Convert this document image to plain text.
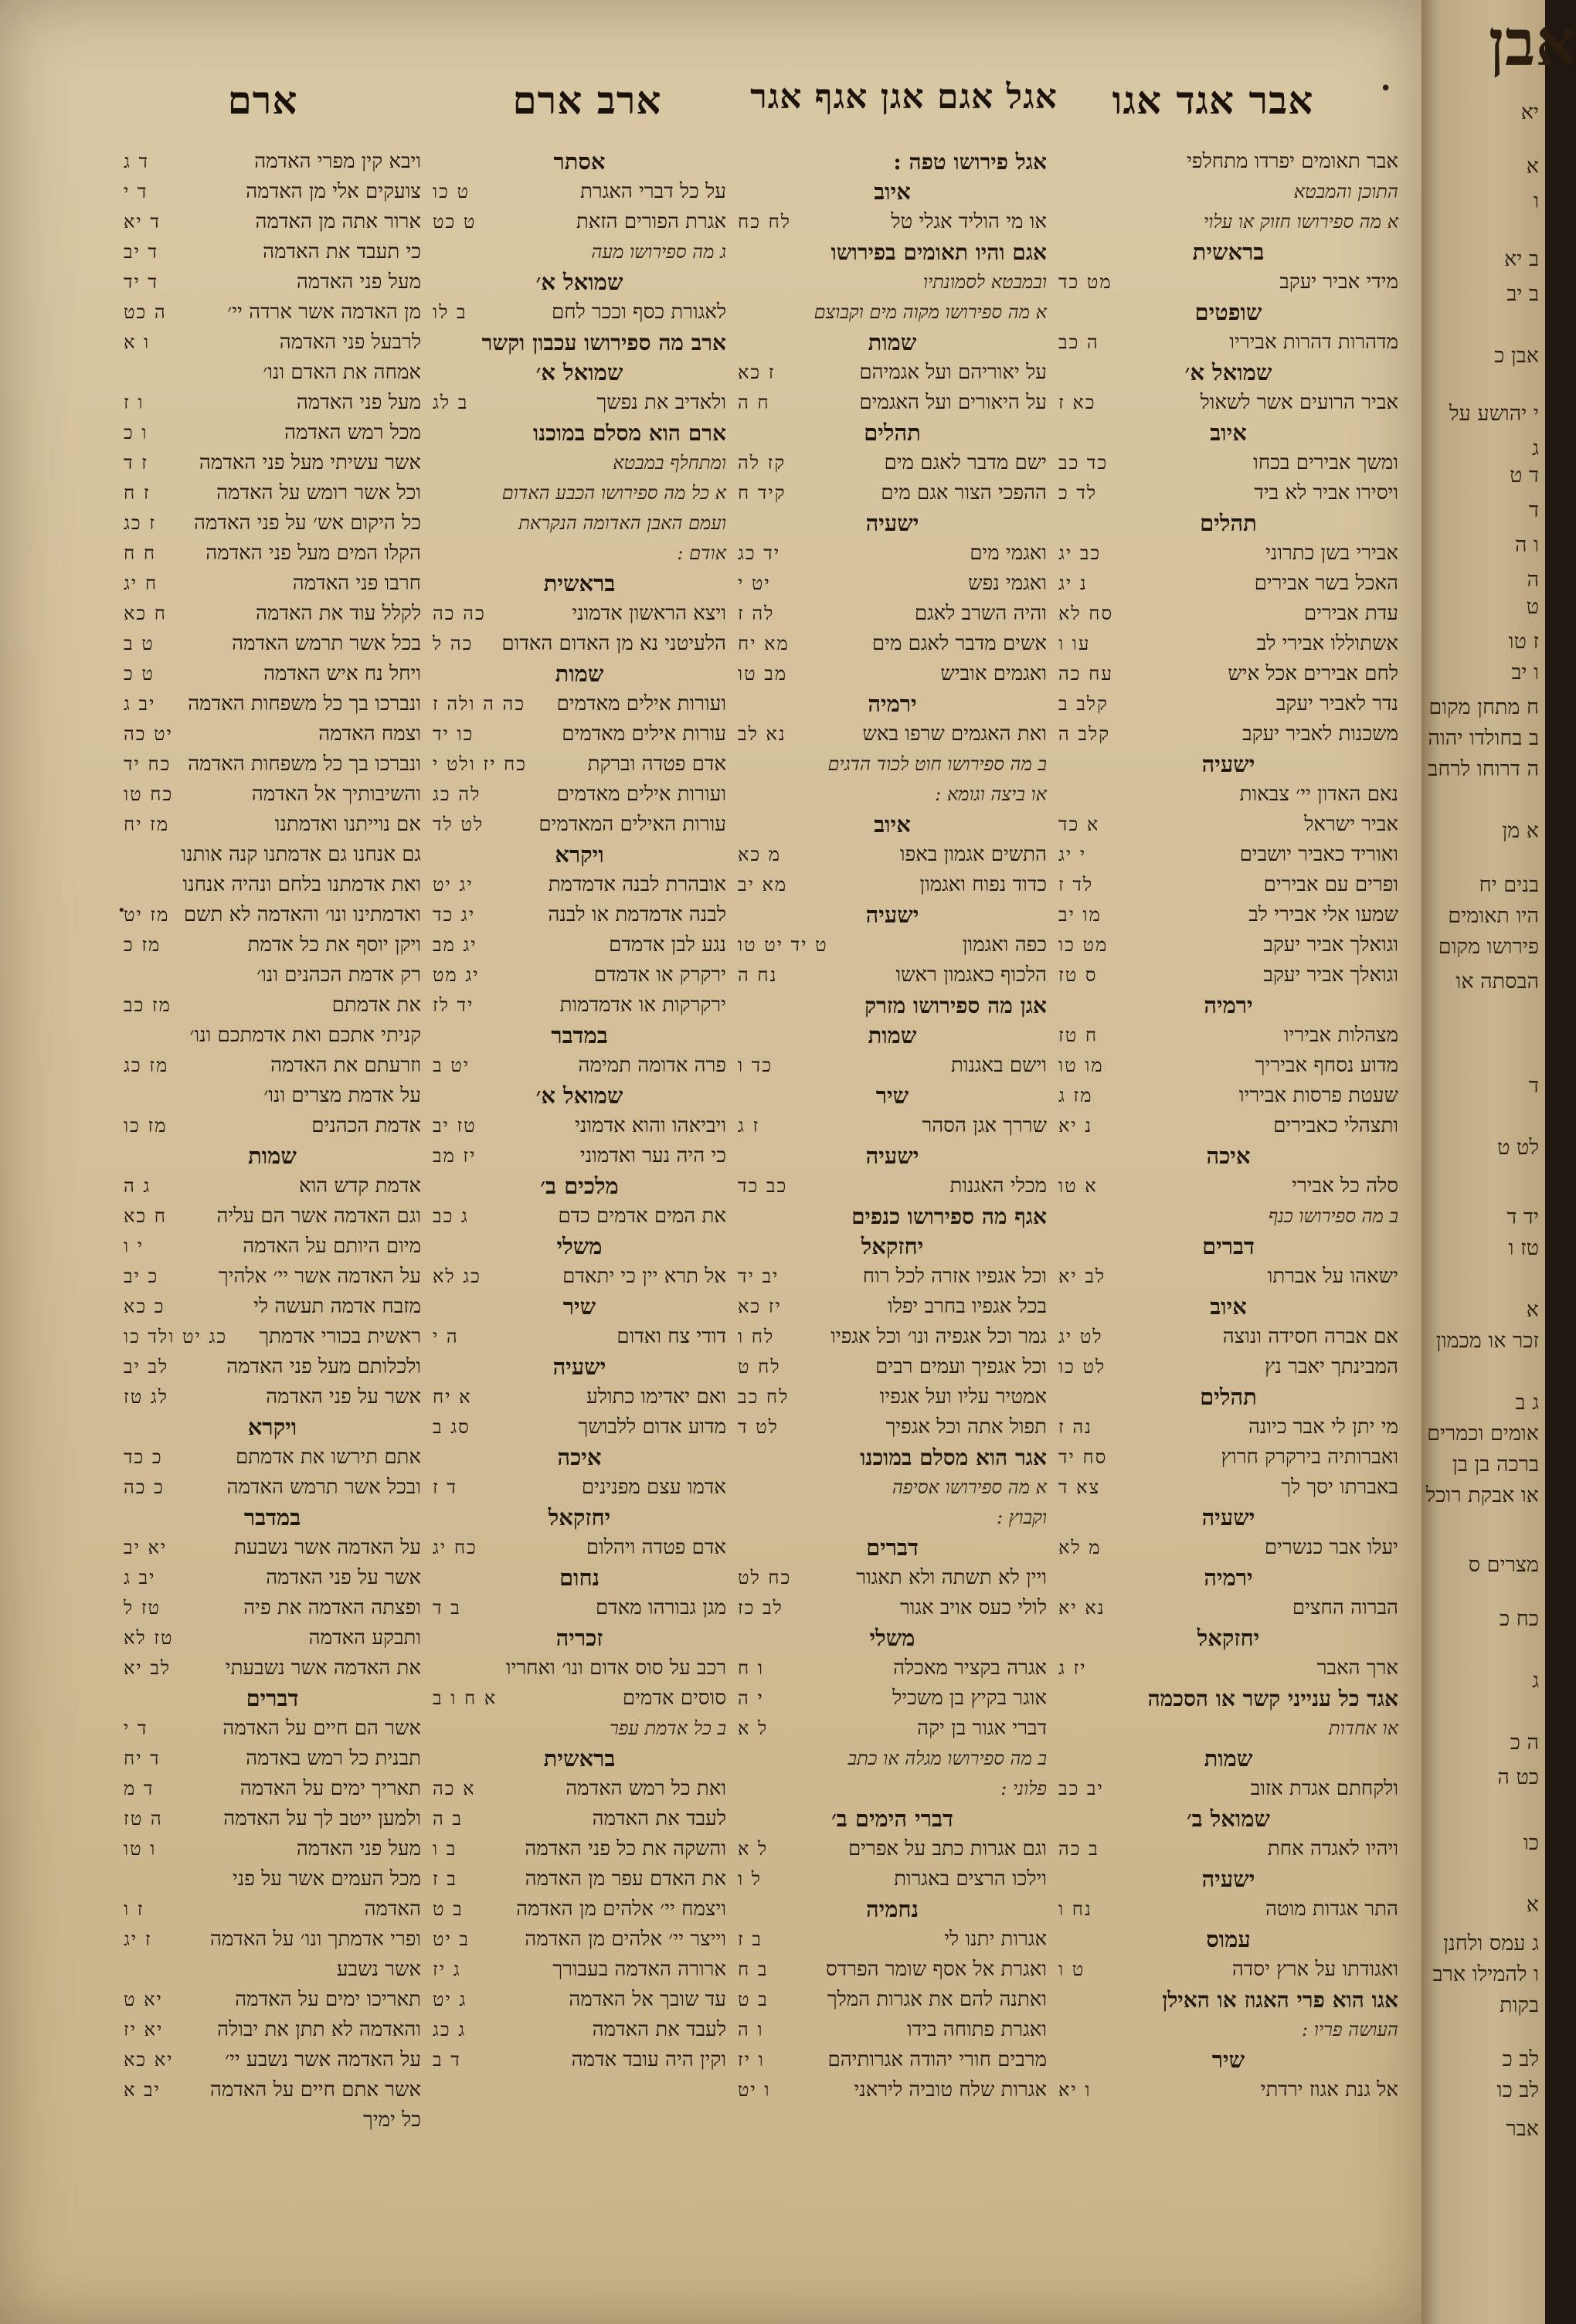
אבר אגד אגו
אגל אגם אגן אגף אגר
ארב ארם
ארם
אבר תאומים יפרדו מתחלפי
התוכן והמבטא
א מה ספירושו חזוק או עלוי
בראשית
מידי אביר יעקב
מט כד
שופטים
מדהרות דהרות אביריו
ה כב
שמואל א׳
אביר הרועים אשר לשאול
כא ז
איוב
ומשך אבירים בכחו
כד כב
ויסירו אביר לא ביד
לד כ
תהלים
אבירי בשן כתרוני
כב יג
האכל בשר אבירים
נ יג
עדת אבירים
סח לא
אשתוללו אבירי לב
עו ו
לחם אבירים אכל איש
עח כה
נדר לאביר יעקב
קלב ב
משכנות לאביר יעקב
קלב ה
ישעיה
נאם האדון יי׳ צבאות
אביר ישראל
א כד
ואוריד כאביר יושבים
י יג
ופרים עם אבירים
לד ז
שמעו אלי אבירי לב
מו יב
וגואלך אביר יעקב
מט כו
וגואלך אביר יעקב
ס טז
ירמיה
מצהלות אביריו
ח טז
מדוע נסחף אביריך
מו טו
שעטת פרסות אביריו
מז ג
ותצהלי כאבירים
נ יא
איכה
סלה כל אבירי
א טו
ב מה ספירושו כנף
דברים
ישאהו על אברתו
לב יא
איוב
אם אברה חסידה ונוצה
לט יג
המבינתך יאבר נץ
לט כו
תהלים
מי יתן לי אבר כיונה
נה ז
ואברותיה בירקרק חרוץ
סח יד
באברתו יסך לך
צא ד
ישעיה
יעלו אבר כנשרים
מ לא
ירמיה
הברוה החצים
נא יא
יחזקאל
ארך האבר
יז ג
אגד כל ענייני קשר או הסכמה
או אחדות
שמות
ולקחתם אגדת אזוב
יב כב
שמואל ב׳
ויהיו לאגדה אחת
ב כה
ישעיה
התר אגדות מוטה
נח ו
עמוס
ואגודתו על ארץ יסדה
ט ו
אגו הוא פרי האגוז או האילן
העושה פריו :
שיר
אל גנת אגוז ירדתי
ו יא
אגל פירושו טפה :
איוב
או מי הוליד אגלי טל
לח כח
אגם והיו תאומים בפירושו
ובמבטא לסמונתיו
א מה ספירושו מקוה מים וקבוצם
שמות
על יאוריהם ועל אגמיהם
ז כא
על היאורים ועל האגמים
ח ה
תהלים
ישם מדבר לאגם מים
קז לה
ההפכי הצור אגם מים
קיד ח
ישעיה
ואגמי מים
יד כג
ואגמי נפש
יט י
והיה השרב לאגם
לה ז
אשים מדבר לאגם מים
מא יח
ואגמים אוביש
מב טו
ירמיה
ואת האגמים שרפו באש
נא לב
ב מה ספירושו חוט לכוד הדגים
או ביצה וגומא :
איוב
התשים אגמון באפו
מ כא
כדוד נפוח ואגמון
מא יב
ישעיה
כפה ואגמון
ט יד יט טו
הלכוף כאגמון ראשו
נח ה
אגן מה ספירושו מזרק
שמות
וישם באגנות
כד ו
שיר
שררך אגן הסהר
ז ג
ישעיה
מכלי האגנות
כב כד
אגף מה ספירושו כנפים
יחזקאל
וכל אגפיו אזרה לכל רוח
יב יד
בכל אגפיו בחרב יפלו
יז כא
גמר וכל אגפיה ונו׳ וכל אגפיו
לח ו
וכל אגפיך ועמים רבים
לח ט
אמטיר עליו ועל אגפיו
לח כב
תפול אתה וכל אגפיך
לט ד
אגר הוא מסלם במוכנו
א מה ספירושו אסיפה
וקבוץ :
דברים
ויין לא תשתה ולא תאגור
כח לט
לולי כעס אויב אגור
לב כז
משלי
אגרה בקציר מאכלה
ו ח
אוגר בקיץ בן משכיל
י ה
דברי אגור בן יקה
ל א
ב מה ספירושו מגלה או כתב
פלוני :
דברי הימים ב׳
וגם אגרות כתב על אפרים
ל א
וילכו הרצים באגרות
ל ו
נחמיה
אגרות יתנו לי
ב ז
ואגרת אל אסף שומר הפרדס
ב ח
ואתנה להם את אגרות המלך
ב ט
ואגרת פתוחה בידו
ו ה
מרבים חורי יהודה אגרותיהם
ו יז
אגרות שלח טוביה ליראני
ו יט
אסתר
על כל דברי האגרת
ט כו
אגרת הפורים הזאת
ט כט
ג מה ספירושו מעה
שמואל א׳
לאגורת כסף וככר לחם
ב לו
ארב מה ספירושו עכבון וקשר
שמואל א׳
ולאדיב את נפשך
ב לג
ארם הוא מסלם במוכנו
ומתחלף במבטא
א כל מה ספירושו הכבע האדום
ועמם האבן האדומה הנקראת
אודם :
בראשית
ויצא הראשון אדמוני
כה כה
הלעיטני נא מן האדום האדום
כה ל
שמות
ועורות אילים מאדמים
כה ה ולה ז
עורות אילים מאדמים
כו יד
אדם פטדה וברקת
כח יז ולט י
ועורות אילים מאדמים
לה כג
עורות האילים המאדמים
לט לד
ויקרא
אובהרת לבנה אדמדמת
יג יט
לבנה אדמדמת או לבנה
יג כד
נגע לבן אדמדם
יג מב
ירקרק או אדמדם
יג מט
ירקרקות או אדמדמות
יד לז
במדבר
פרה אדומה תמימה
יט ב
שמואל א׳
ויביאהו והוא אדמוני
טז יב
כי היה נער ואדמוני
יז מב
מלכים ב׳
את המים אדמים כדם
ג כב
משלי
אל תרא יין כי יתאדם
כג לא
שיר
דודי צח ואדום
ה י
ישעיה
ואם יאדימו כתולע
א יח
מדוע אדום ללבושך
סג ב
איכה
אדמו עצם מפנינים
ד ז
יחזקאל
אדם פטדה ויהלום
כח יג
נחום
מגן גבורהו מאדם
ב ד
זכריה
רכב על סוס אדום ונו׳ ואחריו
סוסים אדמים
א ח ו ב
ב כל אדמת עפר
בראשית
ואת כל רמש האדמה
א כה
לעבד את האדמה
ב ה
והשקה את כל פני האדמה
ב ו
את האדם עפר מן האדמה
ב ז
ויצמח יי׳ אלהים מן האדמה
ב ט
וייצר יי׳ אלהים מן האדמה
ב יט
ארורה האדמה בעבורך
ג יז
עד שובך אל האדמה
ג יט
לעבד את האדמה
ג כג
וקין היה עובד אדמה
ד ב
ויבא קין מפרי האדמה
ד ג
צועקים אלי מן האדמה
ד י
ארור אתה מן האדמה
ד יא
כי תעבד את האדמה
ד יב
מעל פני האדמה
ד יד
מן האדמה אשר ארדה יי׳
ה כט
לרבעל פני האדמה
ו א
אמחה את האדם ונו׳
מעל פני האדמה
ו ז
מכל רמש האדמה
ו כ
אשר עשיתי מעל פני האדמה
ז ד
וכל אשר רומש על האדמה
ז ח
כל היקום אש׳ על פני האדמה
ז כג
הקלו המים מעל פני האדמה
ח ח
חרבו פני האדמה
ח יג
לקלל עוד את האדמה
ח כא
בכל אשר תרמש האדמה
ט ב
ויחל נח איש האדמה
ט כ
ונברכו בך כל משפחות האדמה
יב ג
וצמח האדמה
יט כה
ונברכו בך כל משפחות האדמה
כח יד
והשיבותיך אל האדמה
כח טו
אם נוייתנו ואדמתנו
מז יח
גם אנחנו גם אדמתנו קנה אותנו
ואת אדמתנו בלחם ונהיה אנחנו
ואדמתינו ונו׳ והאדמה לא תשם
מז יט
ויקן יוסף את כל אדמת
מז כ
רק אדמת הכהנים ונו׳
את אדמתם
מז כב
קניתי אתכם ואת אדמתכם ונו׳
וזרעתם את האדמה
מז כג
על אדמת מצרים ונו׳
אדמת הכהנים
מז כו
שמות
אדמת קדש הוא
ג ה
וגם האדמה אשר הם עליה
ח כא
מיום היותם על האדמה
י ו
על האדמה אשר יי׳ אלהיך
כ יב
מזבח אדמה תעשה לי
כ כא
ראשית בכורי אדמתך
כג יט ולד כו
ולכלותם מעל פני האדמה
לב יב
אשר על פני האדמה
לג טז
ויקרא
אתם תירשו את אדמתם
כ כד
ובכל אשר תרמש האדמה
כ כה
במדבר
על האדמה אשר נשבעת
יא יב
אשר על פני האדמה
יב ג
ופצתה האדמה את פיה
טז ל
ותבקע האדמה
טז לא
את האדמה אשר נשבעתי
לב יא
דברים
אשר הם חיים על האדמה
ד י
תבנית כל רמש באדמה
ד יח
תאריך ימים על האדמה
ד מ
ולמען ייטב לך על האדמה
ה טז
מעל פני האדמה
ו טו
מכל העמים אשר על פני
האדמה
ז ו
ופרי אדמתך ונו׳ על האדמה
ז יג
אשר נשבע
תאריכו ימים על האדמה
יא ט
והאדמה לא תתן את יבולה
יא יז
על האדמה אשר נשבע יי׳
יא כא
אשר אתם חיים על האדמה
יב א
כל ימיך
•
•
אבן
יא
א
ו
ב יא
ב יב
אבן כ
י יהושע על
ג
ד ט
ד
ו ה
ה
ט
ז טו
ו יב
ח מתחן מקום
ב בחולדו יהוה
ה דרוחו לרחב
א מן
בנים יח
היו תאומים
פירושו מקום
הבסתה או
ד
לט ט
יד ד
טז ו
א
זכר או מכמון
ג ב
אומים וכמרים
ברכה בן בן
או אבקת רוכל
מצרים ס
כח כ
ג
ה כ
כט ה
כו
א
ג עמס ולחנן
ו להמילו ארב
בקות
לב כ
לב כו
אבר
